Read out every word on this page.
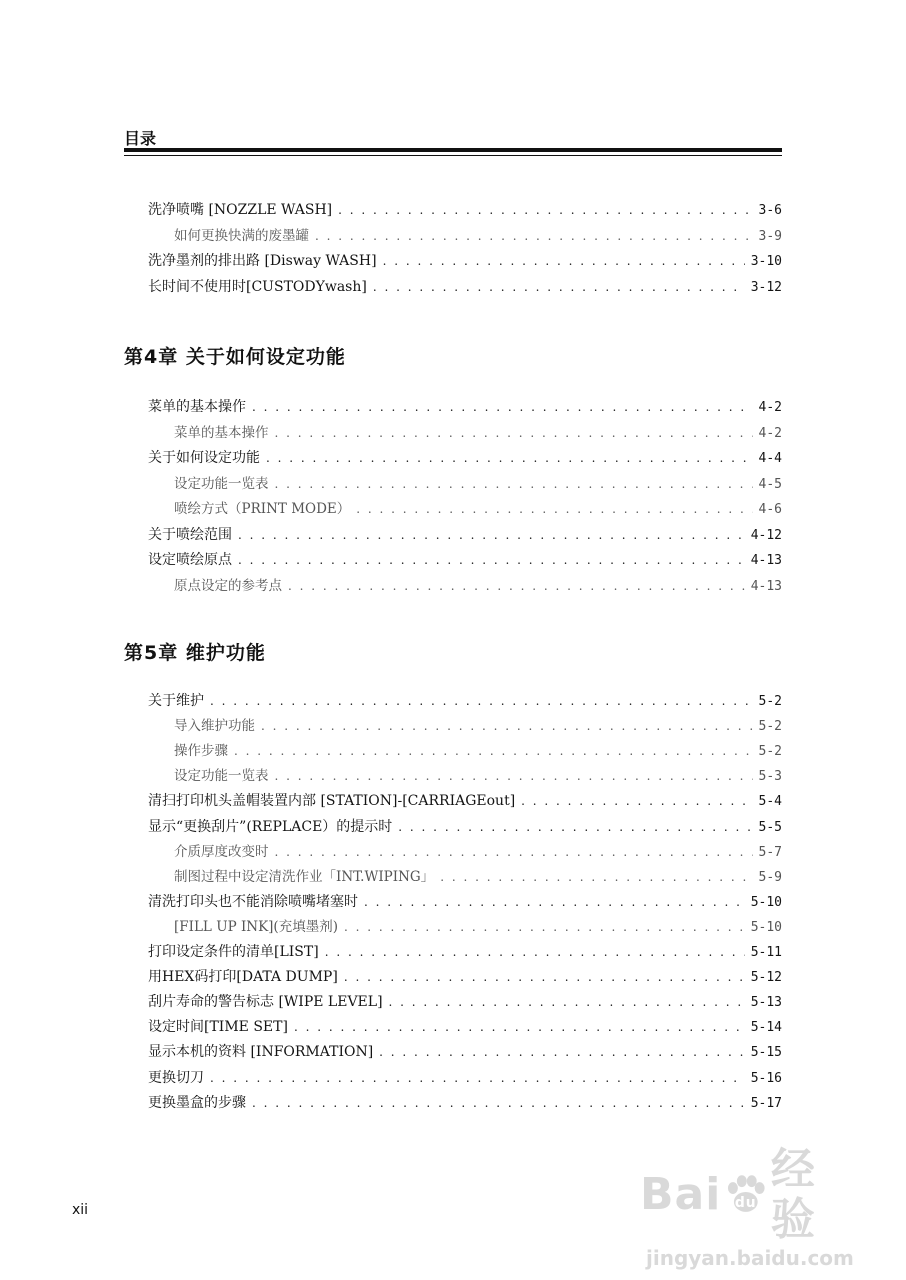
目录
洗净喷嘴 [NOZZLE WASH] . . .	3-6
如何更换快满的废墨罐 . . .	3-9
洗净墨剂的排出路 [Disway WASH] . . .	3-10
长时间不使用时[CUSTODYwash] . . .	3-12
第4章 关于如何设定功能
菜单的基本操作 . . .	4-2
菜单的基本操作 . . .	4-2
关于如何设定功能 . . .	4-4
设定功能一览表 . . .	4-5
喷绘方式（PRINT MODE） . . .	4-6
关于喷绘范围 . . .	4-12
设定喷绘原点 . . .	4-13
原点设定的参考点 . . .	4-13
第5章 维护功能
关于维护 . . .	5-2
导入维护功能 . . .	5-2
操作步骤 . . .	5-2
设定功能一览表 . . .	5-3
清扫打印机头盖帽装置内部 [STATION]-[CARRIAGEout] . . .	5-4
显示“更换刮片”(REPLACE）的提示时 . . .	5-5
介质厚度改变时 . . .	5-7
制图过程中设定清洗作业「INT.WIPING」 . . .	5-9
清洗打印头也不能消除喷嘴堵塞时 . . .	5-10
[FILL UP INK](充填墨剂) . . .	5-10
打印设定条件的清单[LIST] . . .	5-11
用HEX码打印[DATA DUMP] . . .	5-12
刮片寿命的警告标志 [WIPE LEVEL] . . .	5-13
设定时间[TIME SET] . . .	5-14
显示本机的资料 [INFORMATION] . . .	5-15
更换切刀 . . .	5-16
更换墨盒的步骤 . . .	5-17
xii	Bai du
经验
jingyan.baidu.com
